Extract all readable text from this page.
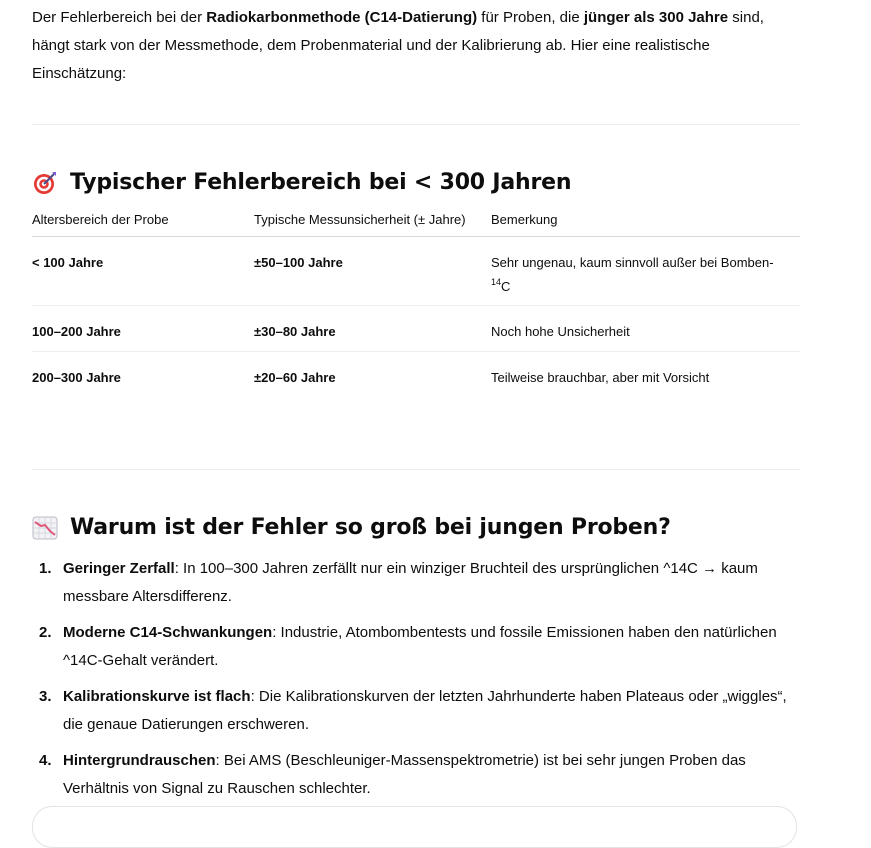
Der Fehlerbereich bei der Radiokarbonmethode (C14-Datierung) für Proben, die jünger als 300 Jahre sind, hängt stark von der Messmethode, dem Probenmaterial und der Kalibrierung ab. Hier eine realistische Einschätzung:

Typischer Fehlerbereich bei < 300 Jahren
Altersbereich der Probe	Typische Messunsicherheit (± Jahre)	Bemerkung
< 100 Jahre	±50–100 Jahre	Sehr ungenau, kaum sinnvoll außer bei Bomben-$^{14}$C
100–200 Jahre	±30–80 Jahre	Noch hohe Unsicherheit
200–300 Jahre	±20–60 Jahre	Teilweise brauchbar, aber mit Vorsicht
Warum ist der Fehler so groß bei jungen Proben?
1. Geringer Zerfall: In 100–300 Jahren zerfällt nur ein winziger Bruchteil des ursprünglichen ^14C → kaum messbare Altersdifferenz.
2. Moderne C14-Schwankungen: Industrie, Atombombentests und fossile Emissionen haben den natürlichen ^14C-Gehalt verändert.
3. Kalibrationskurve ist flach: Die Kalibrationskurven der letzten Jahrhunderte haben Plateaus oder „wiggles“, die genaue Datierungen erschweren.
4. Hintergrundrauschen: Bei AMS (Beschleuniger-Massenspektrometrie) ist bei sehr jungen Proben das Verhältnis von Signal zu Rauschen schlechter.
